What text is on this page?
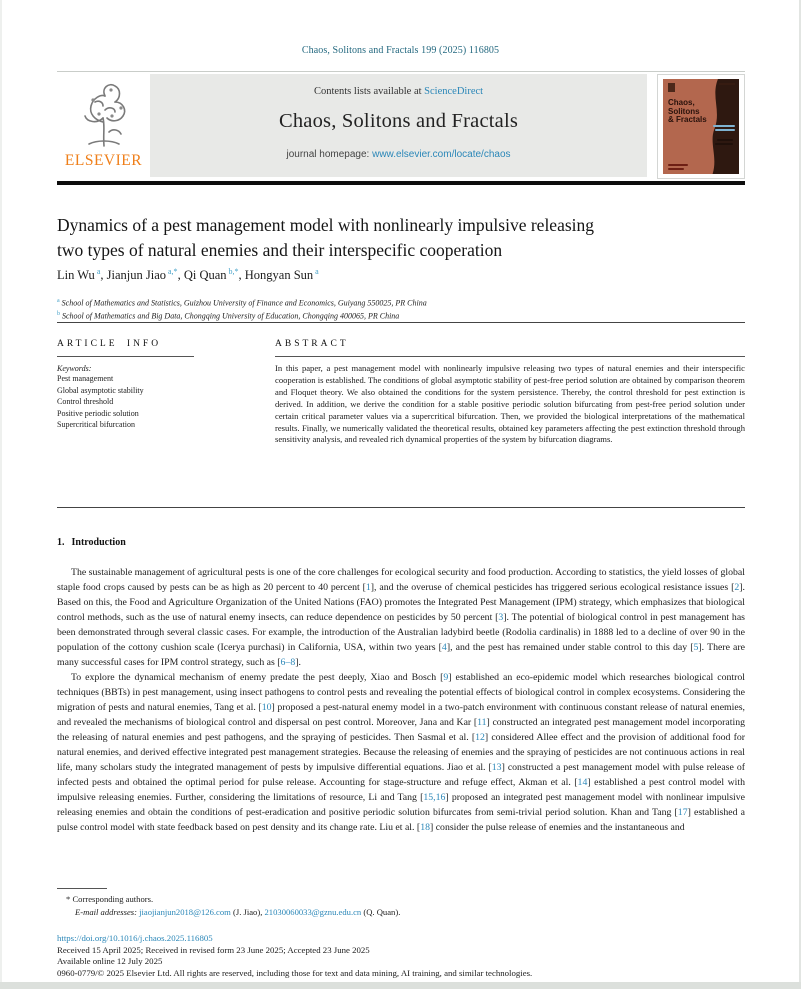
Chaos, Solitons and Fractals 199 (2025) 116805
ELSEVIER
Contents lists available at ScienceDirect
Chaos, Solitons and Fractals
journal homepage: www.elsevier.com/locate/chaos
Chaos,
Solitons
& Fractals
Dynamics of a pest management model with nonlinearly impulsive releasing
two types of natural enemies and their interspecific cooperation
Lin Wu $^a$, Jianjun Jiao $^{a,*}$, Qi Quan $^{b,*}$, Hongyan Sun $^a$
$^a$ School of Mathematics and Statistics, Guizhou University of Finance and Economics, Guiyang 550025, PR China
$^b$ School of Mathematics and Big Data, Chongqing University of Education, Chongqing 400065, PR China
ARTICLE INFO
Keywords:
Pest management
Global asymptotic stability
Control threshold
Positive periodic solution
Supercritical bifurcation
ABSTRACT
In this paper, a pest management model with nonlinearly impulsive releasing two types of natural enemies and their interspecific cooperation is established. The conditions of global asymptotic stability of pest-free period solution are obtained by comparison theorem and Floquet theory. We also obtained the conditions for the system persistence. Thereby, the control threshold for pest extinction is derived. In addition, we derive the condition for a stable positive periodic solution bifurcating from pest-free period solution under certain critical parameter values via a supercritical bifurcation. Then, we provided the biological interpretations of the mathematical results. Finally, we numerically validated the theoretical results, obtained key parameters affecting the pest extinction threshold through sensitivity analysis, and revealed rich dynamical properties of the system by bifurcation diagrams.
1. Introduction

The sustainable management of agricultural pests is one of the core challenges for ecological security and food production. According to statistics, the yield losses of global staple food crops caused by pests can be as high as 20 percent to 40 percent [1], and the overuse of chemical pesticides has triggered serious ecological resistance issues [2]. Based on this, the Food and Agriculture Organization of the United Nations (FAO) promotes the Integrated Pest Management (IPM) strategy, which emphasizes that biological control methods, such as the use of natural enemy insects, can reduce dependence on pesticides by 50 percent [3]. The potential of biological control in pest management has been demonstrated through several classic cases. For example, the introduction of the Australian ladybird beetle (Rodolia cardinalis) in 1888 led to a decline of over 90 in the population of the cottony cushion scale (Icerya purchasi) in California, USA, within two years [4], and the pest has remained under stable control to this day [5]. There are many successful cases for IPM control strategy, such as [6–8].

To explore the dynamical mechanism of enemy predate the pest deeply, Xiao and Bosch [9] established an eco-epidemic model which researches biological control techniques (BBTs) in pest management, using insect pathogens to control pests and revealing the potential effects of biological control in complex ecosystems. Considering the migration of pests and natural enemies, Tang et al. [10] proposed a pest-natural enemy model in a two-patch environment with continuous constant release of natural enemies, and revealed the mechanisms of biological control and dispersal on pest control. Moreover, Jana and Kar [11] constructed an integrated pest management model incorporating the releasing of natural enemies and pest pathogens, and the spraying of pesticides. Then Sasmal et al. [12] considered Allee effect and the provision of additional food for natural enemies, and derived effective integrated pest management strategies. Because the releasing of enemies and the spraying of pesticides are not continuous actions in real life, many scholars study the integrated management of pests by impulsive differential equations. Jiao et al. [13] constructed a pest management model with pulse release of infected pests and obtained the optimal period for pulse release. Accounting for stage-structure and refuge effect, Akman et al. [14] established a pest control model with impulsive releasing enemies. Further, considering the limitations of resource, Li and Tang [15,16] proposed an integrated pest management model with nonlinear impulsive releasing enemies and obtain the conditions of pest-eradication and positive periodic solution bifurcates from semi-trivial period solution. Khan and Tang [17] established a pulse control model with state feedback based on pest density and its change rate. Liu et al. [18] consider the pulse release of enemies and the instantaneous and

* Corresponding authors.
E-mail addresses: jiaojianjun2018@126.com (J. Jiao), 21030060033@gznu.edu.cn (Q. Quan).
https://doi.org/10.1016/j.chaos.2025.116805
Received 15 April 2025; Received in revised form 23 June 2025; Accepted 23 June 2025
Available online 12 July 2025
0960-0779/© 2025 Elsevier Ltd. All rights are reserved, including those for text and data mining, AI training, and similar technologies.
